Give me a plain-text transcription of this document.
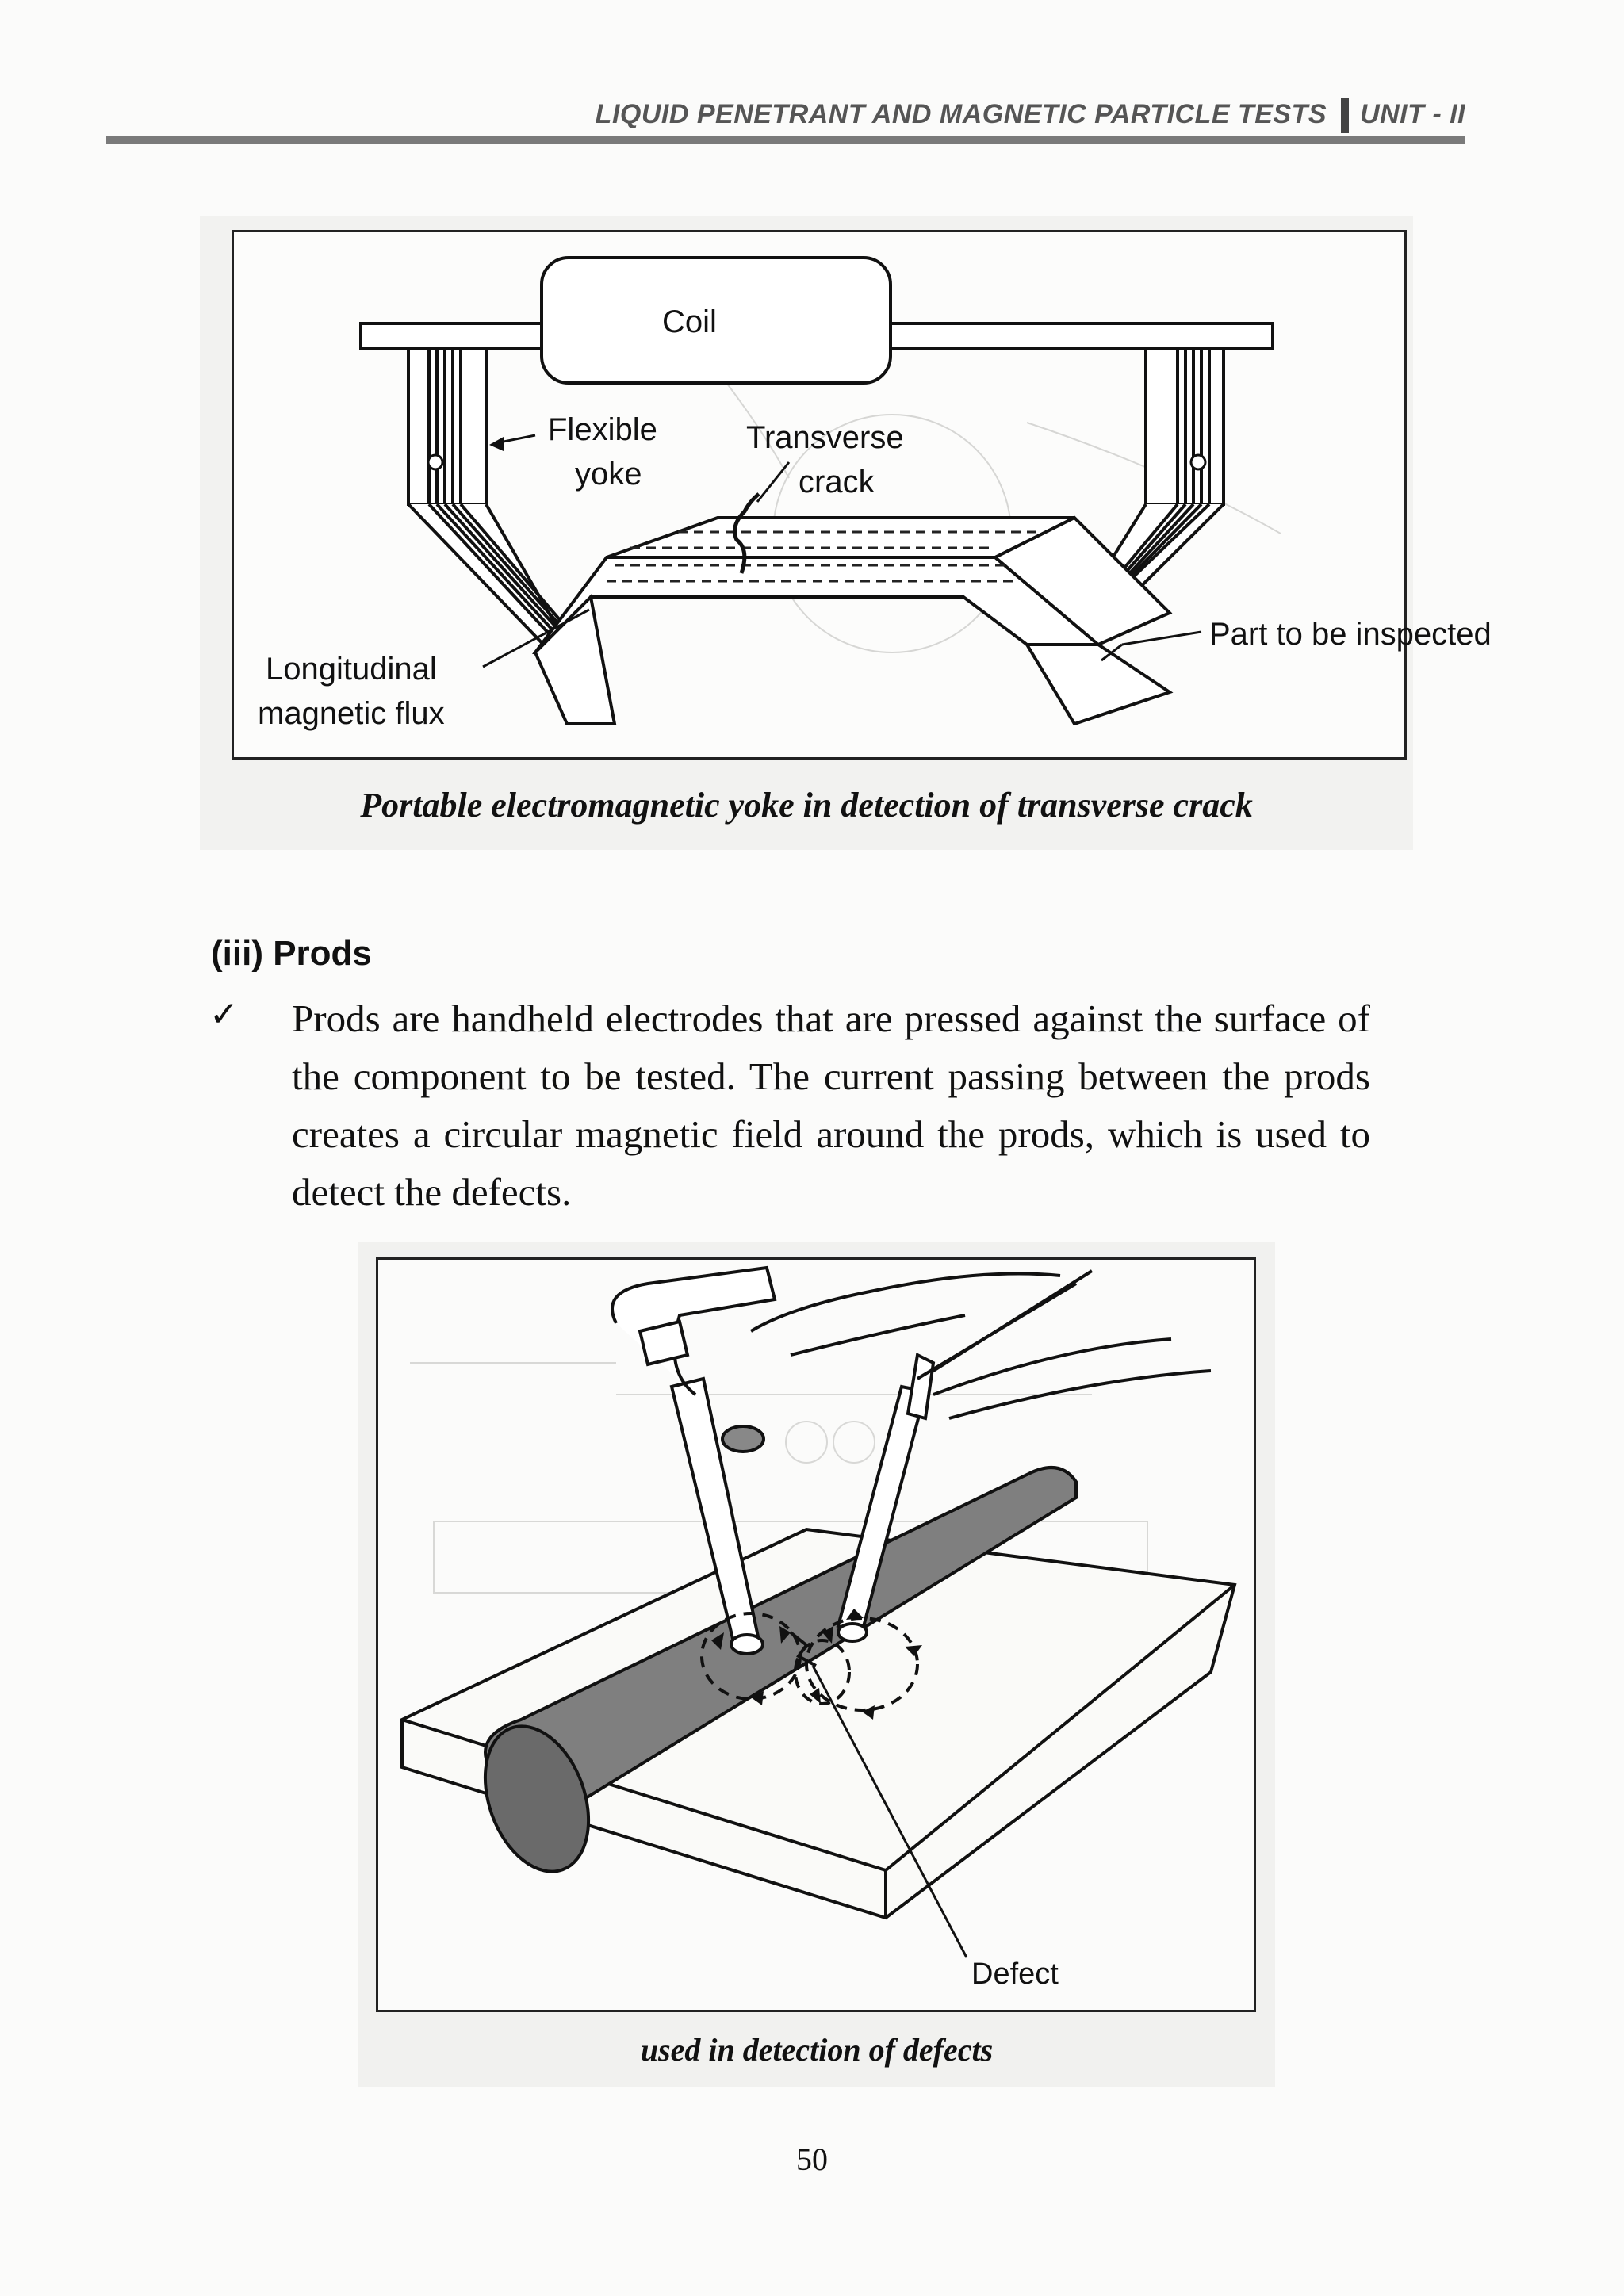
LIQUID PENETRANT AND MAGNETIC PARTICLE TESTS UNIT - II
Coil
Flexible
yoke
Transverse
crack
Part to be inspected
Longitudinal
magnetic flux
Portable electromagnetic yoke in detection of transverse crack
(iii) Prods
✓ Prods are handheld electrodes that are pressed against the surface of the component to be tested. The current passing between the prods creates a circular magnetic field around the prods, which is used to detect the defects.
Defect
used in detection of defects
50
